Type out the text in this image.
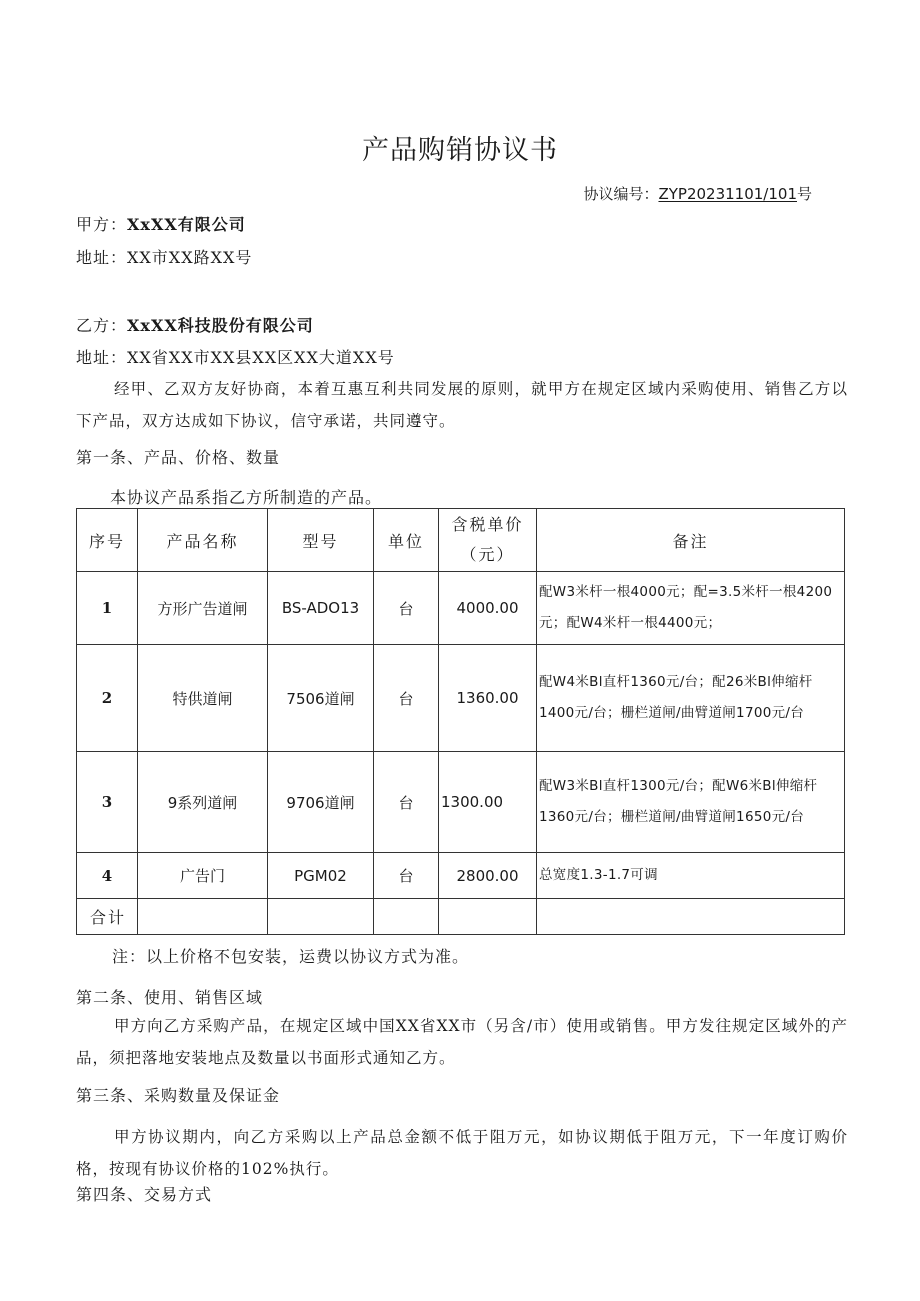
产品购销协议书
协议编号：ZYP20231101/101号
甲方：XxXX有限公司
地址：XX市XX路XX号
乙方：XxXX科技股份有限公司
地址：XX省XX市XX县XX区XX大道XX号
经甲、乙双方友好协商，本着互惠互利共同发展的原则，就甲方在规定区域内采购使用、销售乙方以下产品，双方达成如下协议，信守承诺，共同遵守。
第一条、产品、价格、数量
本协议产品系指乙方所制造的产品。
序号	产品名称	型号	单位	含税单价（元）	备注
1	方形广告道闸	BS-ADO13	台	4000.00	配W3米杆一根4000元；配=3.5米杆一根4200元；配W4米杆一根4400元；
2	特供道闸	7506道闸	台	1360.00	配W4米Bl直杆1360元/台；配26米Bl伸缩杆1400元/台；栅栏道闸/曲臂道闸1700元/台
3	9系列道闸	9706道闸	台	1300.00	配W3米Bl直杆1300元/台；配W6米Bl伸缩杆1360元/台；栅栏道闸/曲臂道闸1650元/台
4	广告门	PGM02	台	2800.00	总宽度1.3-1.7可调
合计					
注：以上价格不包安装，运费以协议方式为准。
第二条、使用、销售区域
甲方向乙方采购产品，在规定区域中国XX省XX市（另含/市）使用或销售。甲方发往规定区域外的产品，须把落地安装地点及数量以书面形式通知乙方。
第三条、采购数量及保证金
甲方协议期内，向乙方采购以上产品总金额不低于阻万元，如协议期低于阻万元，下一年度订购价格，按现有协议价格的102%执行。
第四条、交易方式
